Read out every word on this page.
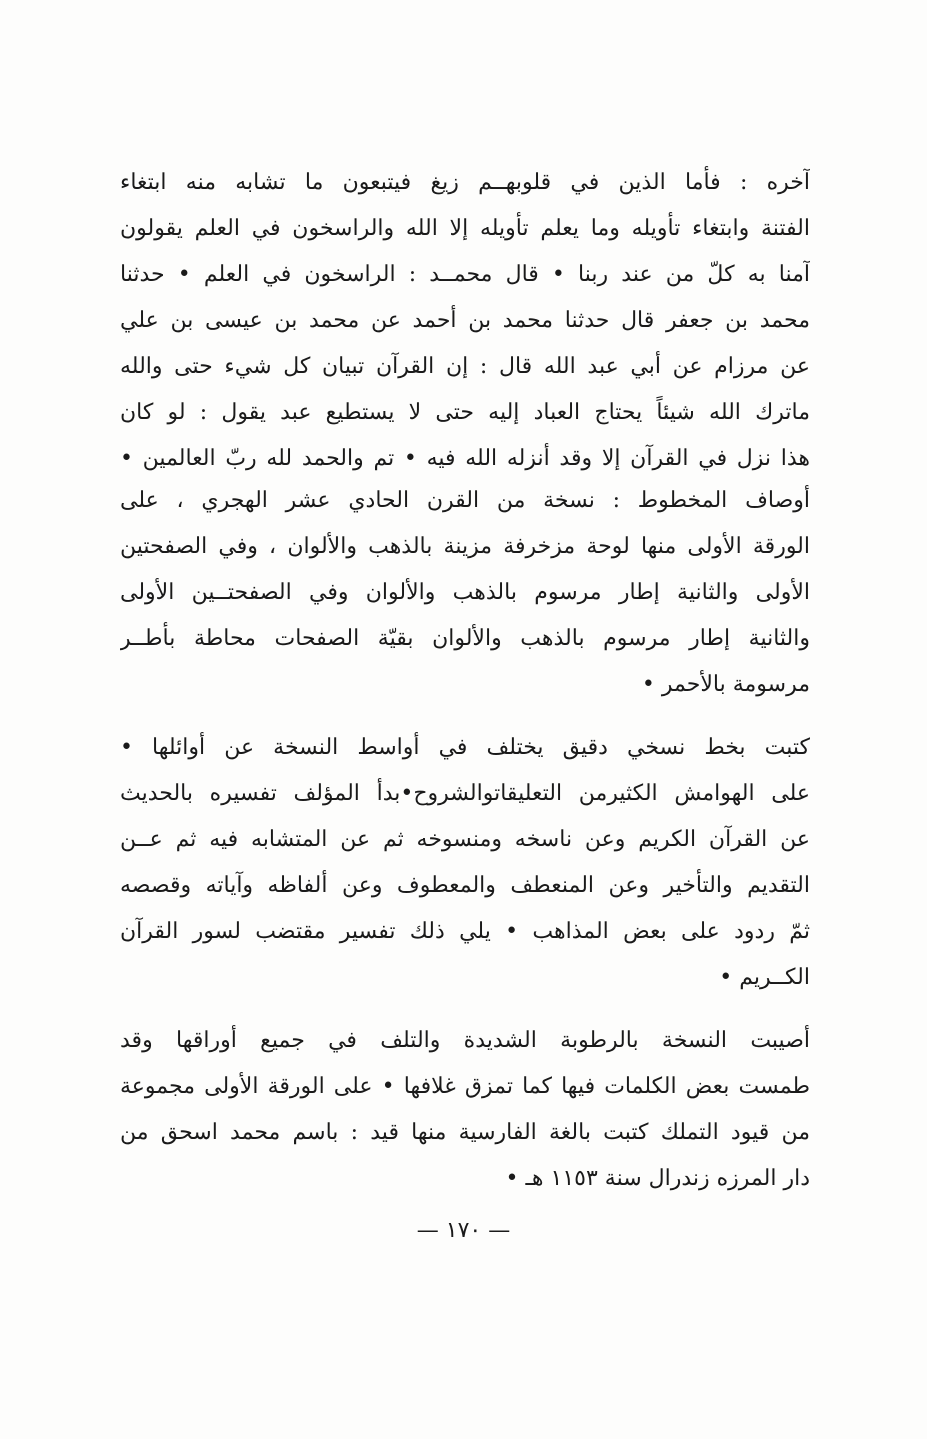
آخره : فأما الذين في قلوبهــم زيغ فيتبعون ما تشابه منه ابتغاء
الفتنة وابتغاء تأويله وما يعلم تأويله إلا الله والراسخون في العلم يقولون
آمنا به كلّ من عند ربنا • قال محمــد : الراسخون في العلم • حدثنا
محمد بن جعفر قال حدثنا محمد بن أحمد عن محمد بن عيسى بن علي
عن مرزام عن أبي عبد الله قال : إن القرآن تبيان كل شيء حتى والله
ماترك الله شيئاً يحتاج العباد إليه حتى لا يستطيع عبد يقول : لو كان
هذا نزل في القرآن إلا وقد أنزله الله فيه • تم والحمد لله ربّ العالمين •
أوصاف المخطوط : نسخة من القرن الحادي عشر الهجري ، على
الورقة الأولى منها لوحة مزخرفة مزينة بالذهب والألوان ، وفي الصفحتين
الأولى والثانية إطار مرسوم بالذهب والألوان وفي الصفحتــين الأولى
والثانية إطار مرسوم بالذهب والألوان بقيّة الصفحات محاطة بأطــر
مرسومة بالأحمر •
كتبت بخط نسخي دقيق يختلف في أواسط النسخة عن أوائلها •
على الهوامش الكثيرمن التعليقاتوالشروح•بدأ المؤلف تفسيره بالحديث
عن القرآن الكريم وعن ناسخه ومنسوخه ثم عن المتشابه فيه ثم عــن
التقديم والتأخير وعن المنعطف والمعطوف وعن ألفاظه وآياته وقصصه
ثمّ ردود على بعض المذاهب • يلي ذلك تفسير مقتضب لسور القرآن
الكــريم •
أصيبت النسخة بالرطوبة الشديدة والتلف في جميع أوراقها وقد
طمست بعض الكلمات فيها كما تمزق غلافها • على الورقة الأولى مجموعة
من قيود التملك كتبت بالغة الفارسية منها قيد : باسم محمد اسحق من
دار المرزه زندرال سنة ١١٥٣ هـ •
— ١٧٠ —
